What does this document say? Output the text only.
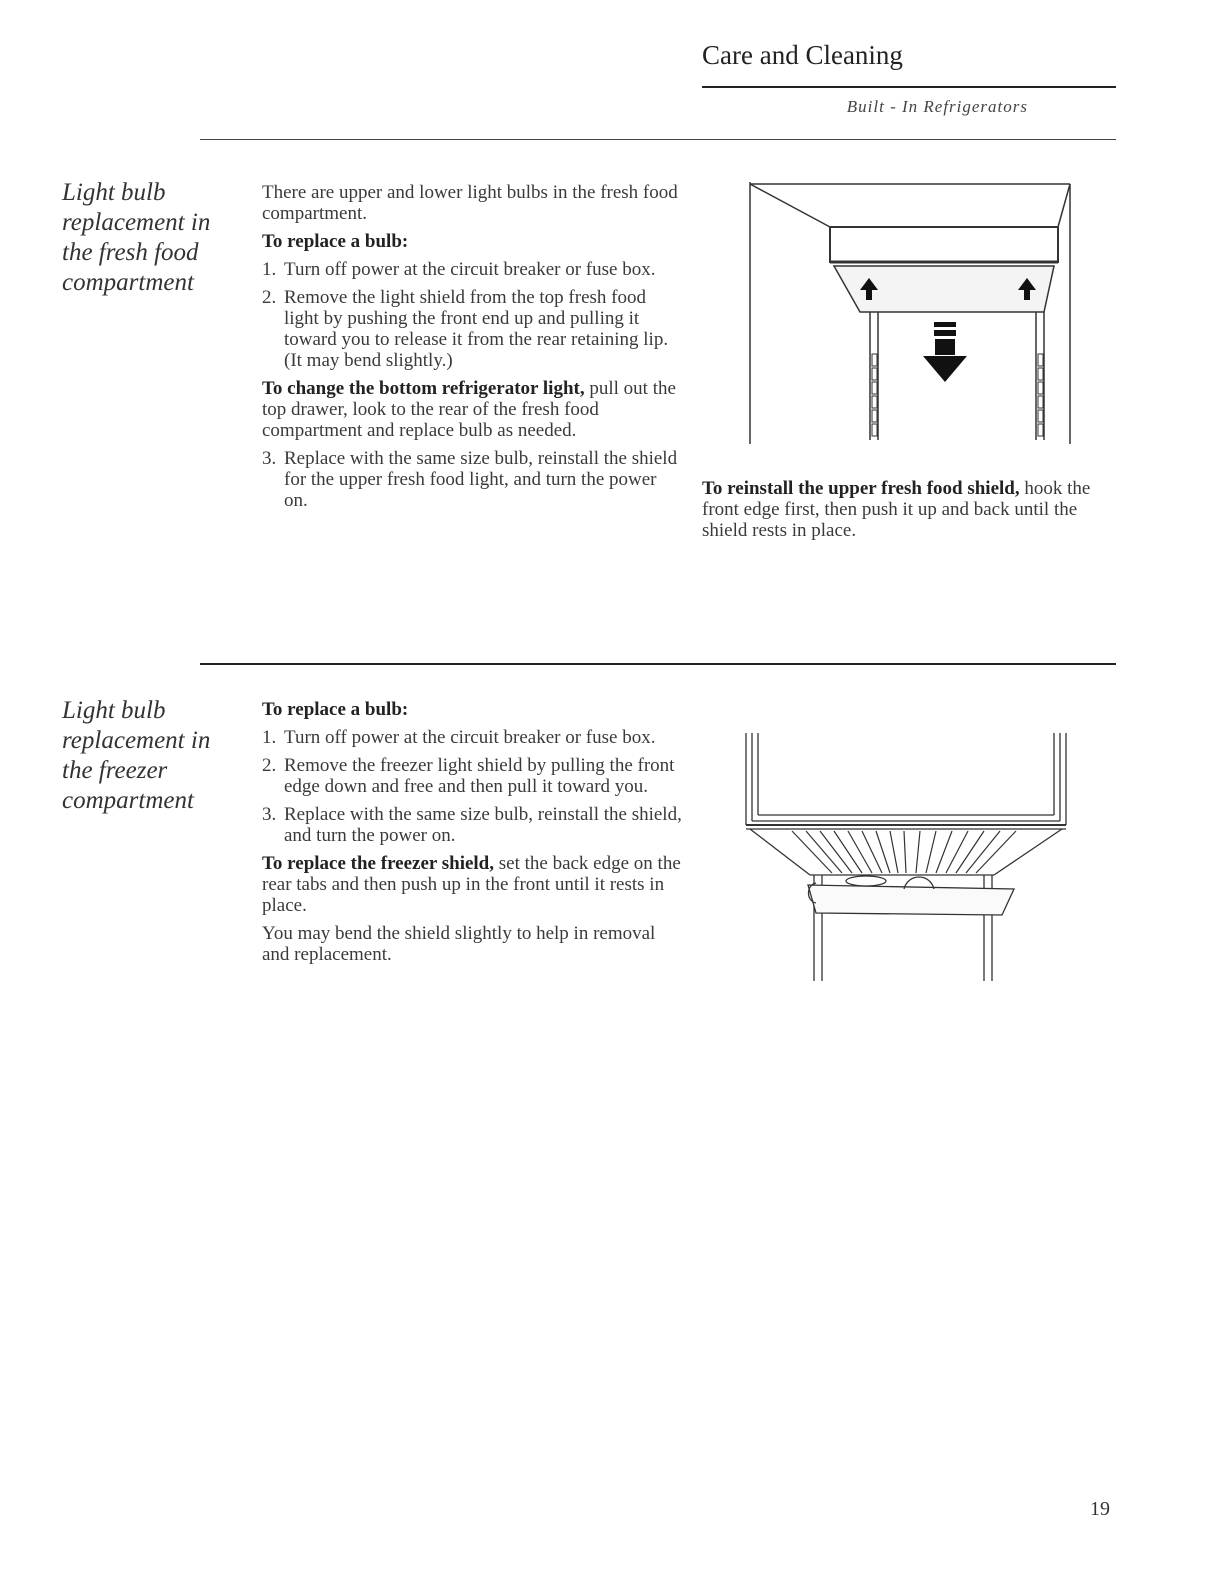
Care and Cleaning
Built - In Refrigerators
Light bulb
replacement in
the fresh food
compartment

There are upper and lower light bulbs in the fresh food compartment.

To replace a bulb:

1. Turn off power at the circuit breaker or fuse box.
2. Remove the light shield from the top fresh food light by pushing the front end up and pulling it toward you to release it from the rear retaining lip. (It may bend slightly.)

To change the bottom refrigerator light, pull out the top drawer, look to the rear of the fresh food compartment and replace bulb as needed.

3. Replace with the same size bulb, reinstall the shield for the upper fresh food light, and turn the power on.
To reinstall the upper fresh food shield, hook the front edge first, then push it up and back until the shield rests in place.
Light bulb
replacement in
the freezer
compartment

To replace a bulb:

1. Turn off power at the circuit breaker or fuse box.
2. Remove the freezer light shield by pulling the front edge down and free and then pull it toward you.
3. Replace with the same size bulb, reinstall the shield, and turn the power on.

To replace the freezer shield, set the back edge on the rear tabs and then push up in the front until it rests in place.

You may bend the shield slightly to help in removal and replacement.

19
